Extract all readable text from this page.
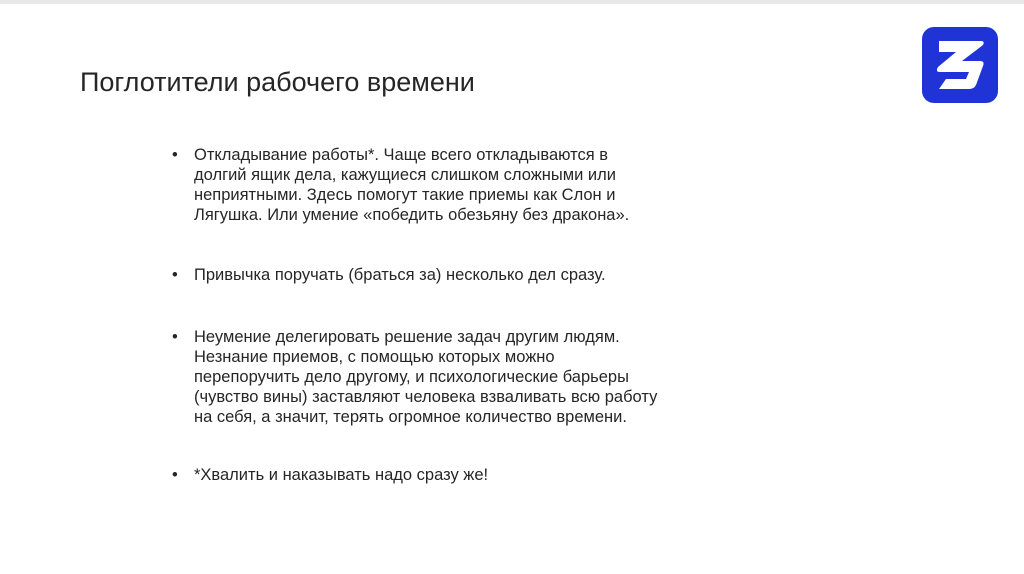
Поглотители рабочего времени
• Откладывание работы*. Чаще всего откладываются в
долгий ящик дела, кажущиеся слишком сложными или
неприятными. Здесь помогут такие приемы как Слон и
Лягушка. Или умение «победить обезьяну без дракона».
• Привычка поручать (браться за) несколько дел сразу.
• Неумение делегировать решение задач другим людям.
Незнание приемов, с помощью которых можно
перепоручить дело другому, и психологические барьеры
(чувство вины) заставляют человека взваливать всю работу
на себя, а значит, терять огромное количество времени.
• *Хвалить и наказывать надо сразу же!
